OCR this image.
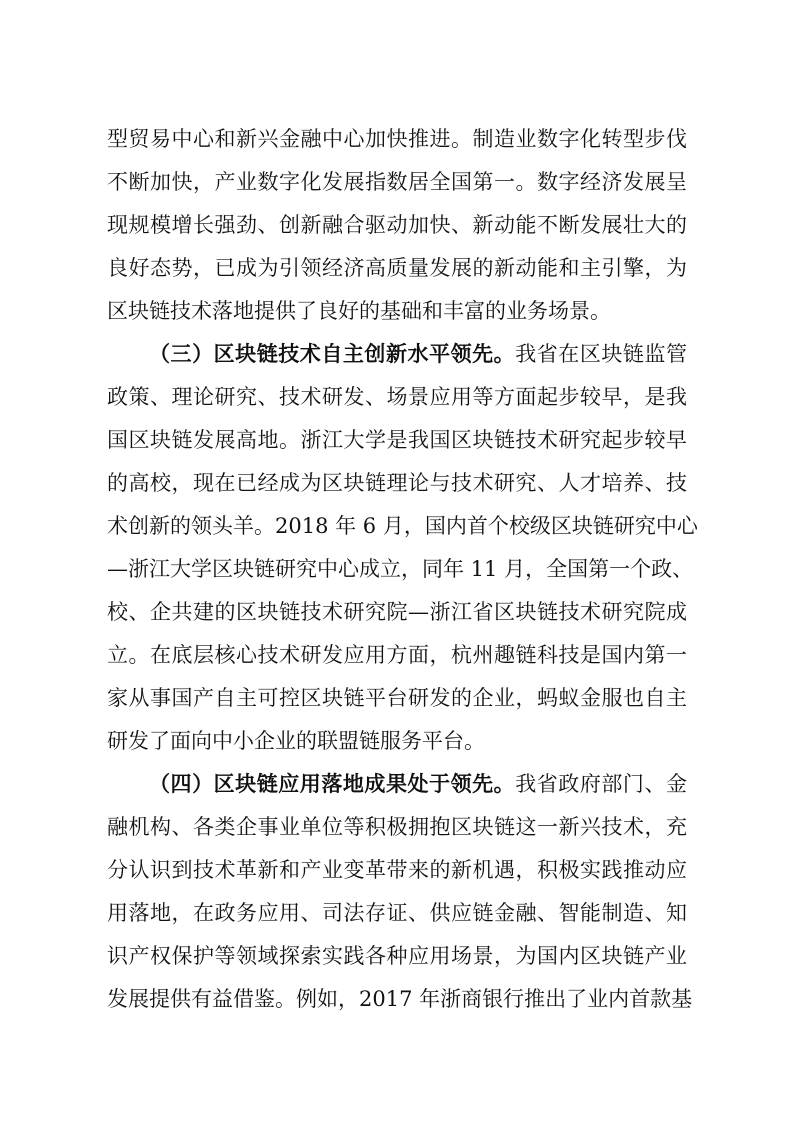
型贸易中心和新兴金融中心加快推进。制造业数字化转型步伐
不断加快，产业数字化发展指数居全国第一。数字经济发展呈
现规模增长强劲、创新融合驱动加快、新动能不断发展壮大的
良好态势，已成为引领经济高质量发展的新动能和主引擎，为
区块链技术落地提供了良好的基础和丰富的业务场景。
（三）区块链技术自主创新水平领先。我省在区块链监管
政策、理论研究、技术研发、场景应用等方面起步较早，是我
国区块链发展高地。浙江大学是我国区块链技术研究起步较早
的高校，现在已经成为区块链理论与技术研究、人才培养、技
术创新的领头羊。2018 年 6 月，国内首个校级区块链研究中心
—浙江大学区块链研究中心成立，同年 11 月，全国第一个政、
校、企共建的区块链技术研究院—浙江省区块链技术研究院成
立。在底层核心技术研发应用方面，杭州趣链科技是国内第一
家从事国产自主可控区块链平台研发的企业，蚂蚁金服也自主
研发了面向中小企业的联盟链服务平台。
（四）区块链应用落地成果处于领先。我省政府部门、金
融机构、各类企事业单位等积极拥抱区块链这一新兴技术，充
分认识到技术革新和产业变革带来的新机遇，积极实践推动应
用落地，在政务应用、司法存证、供应链金融、智能制造、知
识产权保护等领域探索实践各种应用场景，为国内区块链产业
发展提供有益借鉴。例如，2017 年浙商银行推出了业内首款基
